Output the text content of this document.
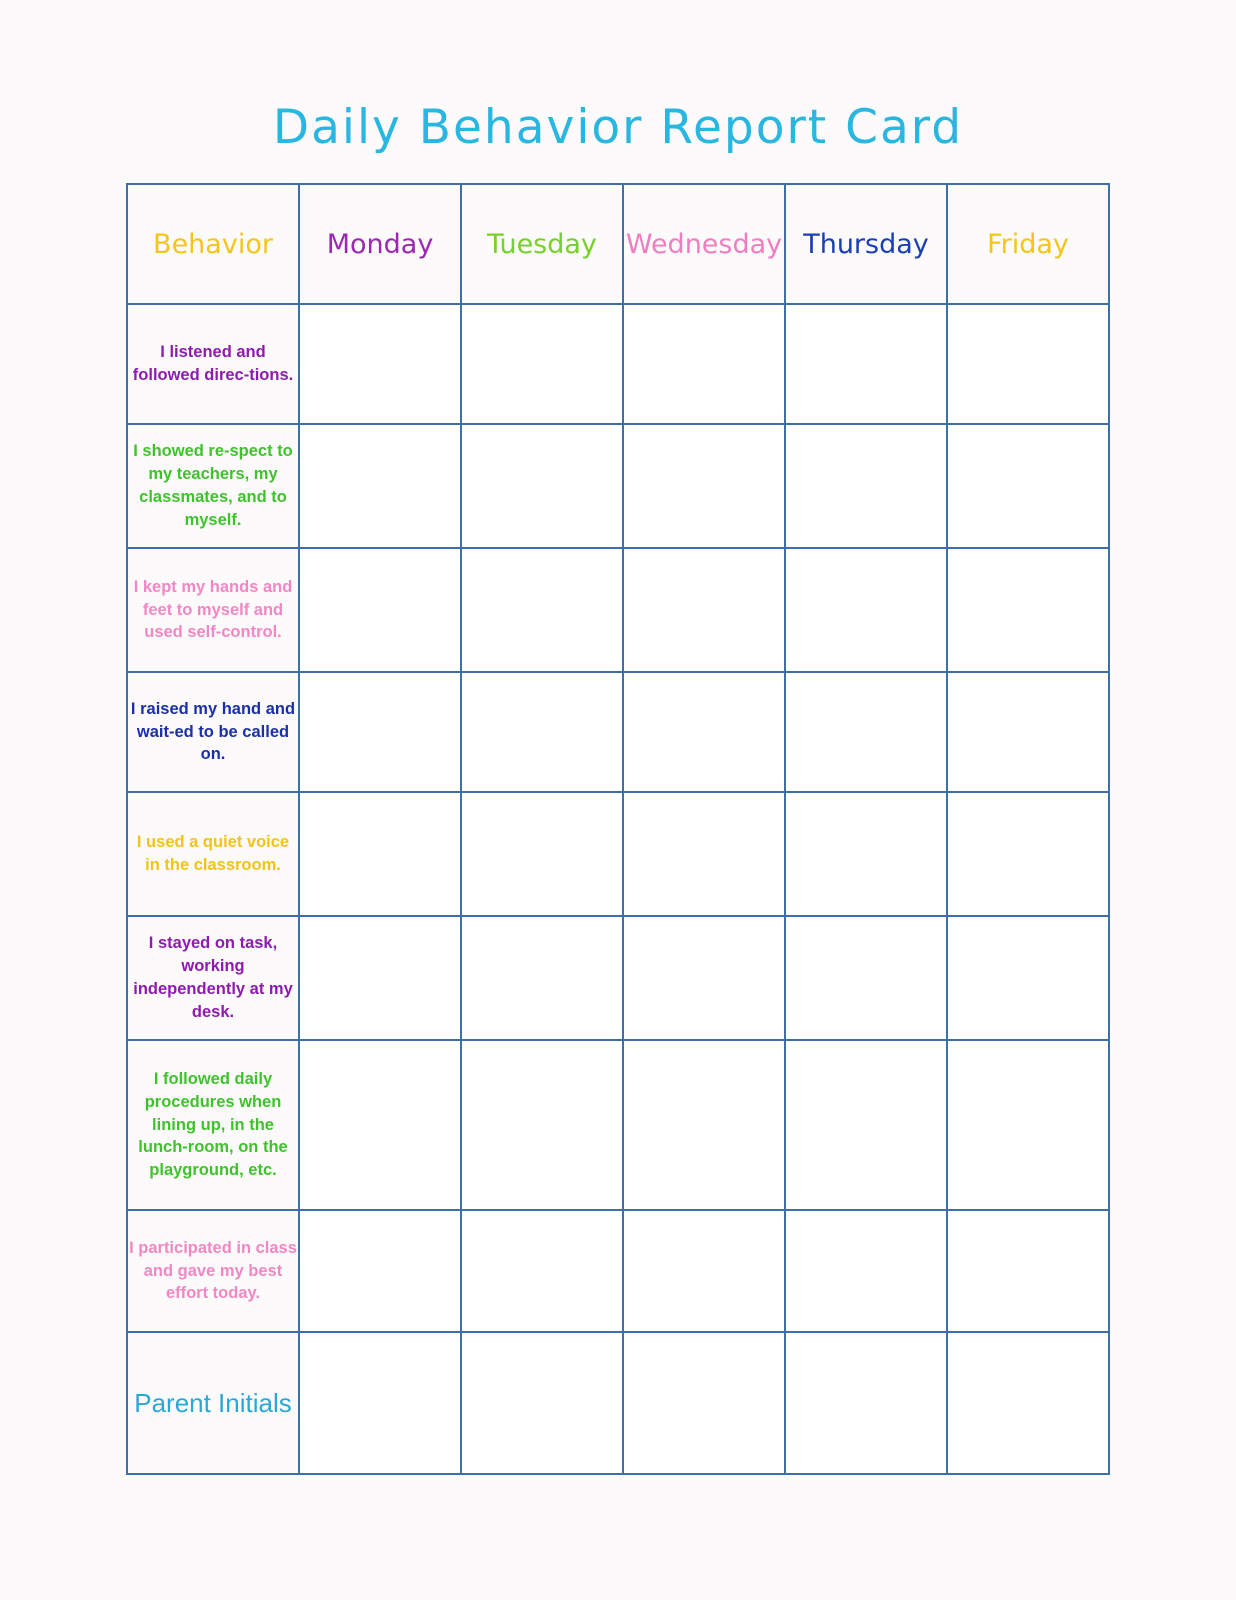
Daily Behavior Report Card
Behavior	Monday	Tuesday	Wednesday	Thursday	Friday
I listened and followed direc-tions.					
I showed re-spect to my teachers, my classmates, and to myself.					
I kept my hands and feet to myself and used self-control.					
I raised my hand and wait-ed to be called on.					
I used a quiet voice in the classroom.					
I stayed on task, working independently at my desk.					
I followed daily procedures when lining up, in the lunch-room, on the playground, etc.					
I participated in class and gave my best effort today.					
Parent Initials					
